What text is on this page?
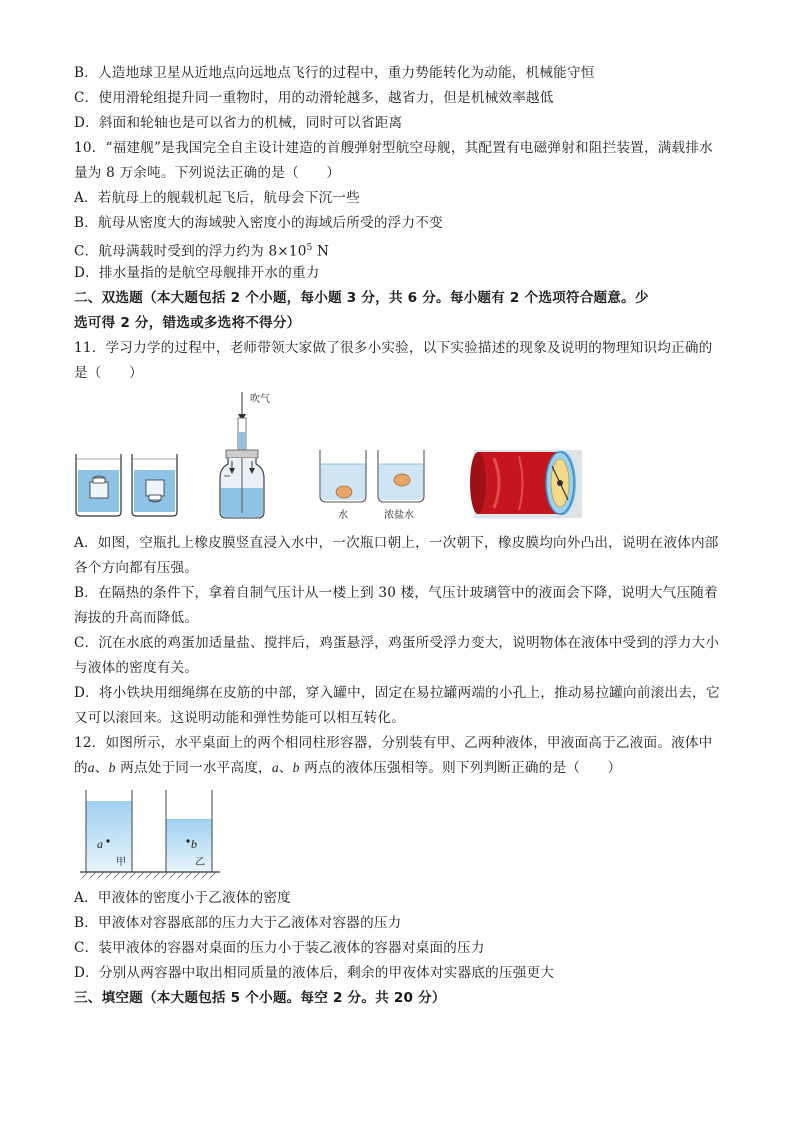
B．人造地球卫星从近地点向远地点飞行的过程中，重力势能转化为动能，机械能守恒
C．使用滑轮组提升同一重物时，用的动滑轮越多，越省力，但是机械效率越低
D．斜面和轮轴也是可以省力的机械，同时可以省距离
10．“福建舰”是我国完全自主设计建造的首艘弹射型航空母舰，其配置有电磁弹射和阻拦装置，满载排水
量为 8 万余吨。下列说法正确的是（　　）
A．若航母上的舰载机起飞后，航母会下沉一些
B．航母从密度大的海域驶入密度小的海域后所受的浮力不变
C．航母满载时受到的浮力约为 $8\times 10^5$ N
D．排水量指的是航空母舰排开水的重力
二、双选题（本大题包括 2 个小题，每小题 3 分，共 6 分。每小题有 2 个选项符合题意。少
选可得 2 分，错选或多选将不得分）
11．学习力学的过程中，老师带领大家做了很多小实验，以下实验描述的现象及说明的物理知识均正确的
是（　　）
吹气
水	浓盐水
A．如图，空瓶扎上橡皮膜竖直浸入水中，一次瓶口朝上，一次朝下，橡皮膜均向外凸出，说明在液体内部
各个方向都有压强。
B．在隔热的条件下，拿着自制气压计从一楼上到 30 楼，气压计玻璃管中的液面会下降，说明大气压随着
海拔的升高而降低。
C．沉在水底的鸡蛋加适量盐、搅拌后，鸡蛋悬浮，鸡蛋所受浮力变大，说明物体在液体中受到的浮力大小
与液体的密度有关。
D．将小铁块用细绳绑在皮筋的中部，穿入罐中，固定在易拉罐两端的小孔上，推动易拉罐向前滚出去，它
又可以滚回来。这说明动能和弹性势能可以相互转化。
12．如图所示，水平桌面上的两个相同柱形容器，分别装有甲、乙两种液体，甲液面高于乙液面。液体中
的a、b 两点处于同一水平高度，a、b 两点的液体压强相等。则下列判断正确的是（　　）
a	b
甲	乙
A．甲液体的密度小于乙液体的密度
B．甲液体对容器底部的压力大于乙液体对容器的压力
C．装甲液体的容器对桌面的压力小于装乙液体的容器对桌面的压力
D．分别从两容器中取出相同质量的液体后，剩余的甲夜体对实器底的压强更大
三、填空题（本大题包括 5 个小题。每空 2 分。共 20 分）
